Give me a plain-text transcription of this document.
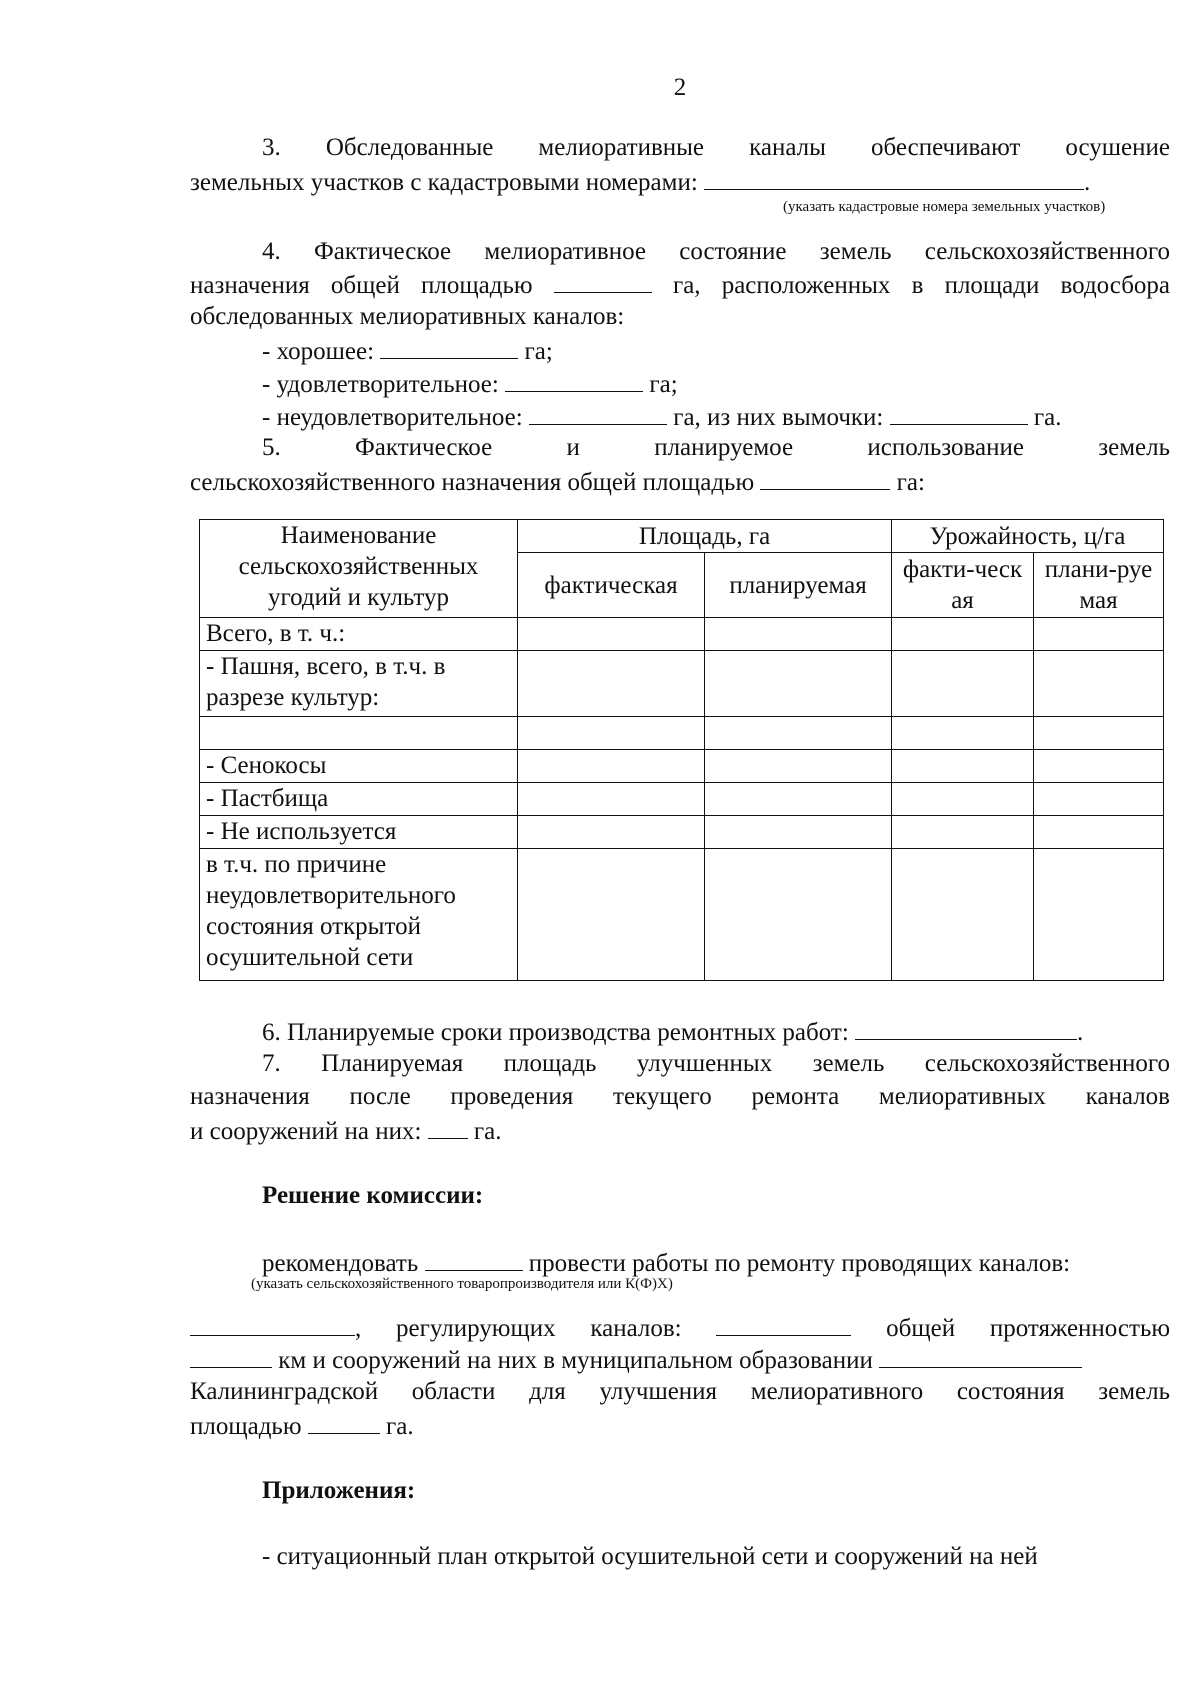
2
3. Обследованные мелиоративные каналы обеспечивают осушение
земельных участков с кадастровыми номерами:	.
(указать кадастровые номера земельных участков)
4. Фактическое мелиоративное состояние земель сельскохозяйственного
назначения общей площадью	га, расположенных в площади водосбора
обследованных мелиоративных каналов:
- хорошее:	га;
- удовлетворительное:	га;
- неудовлетворительное:	га, из них вымочки:	га.
5. Фактическое и планируемое использование земель
сельскохозяйственного назначения общей площадью	га:
Наименование сельскохозяйственных угодий и культур	Площадь, га		Урожайность, ц/га	
	фактическая	планируемая	факти-ческая	плани-руемая
Всего, в т. ч.:				
- Пашня, всего, в т.ч. в разрезе культур:				

- Сенокосы				
- Пастбища				
- Не используется				
в т.ч. по причине неудовлетворительного состояния открытой осушительной сети				
6. Планируемые сроки производства ремонтных работ:	.
7. Планируемая площадь улучшенных земель сельскохозяйственного
назначения после проведения текущего ремонта мелиоративных каналов
и сооружений на них: га.
Решение комиссии:
рекомендовать	провести работы по ремонту проводящих каналов:
(указать сельскохозяйственного товаропроизводителя или К(Ф)Х)
, регулирующих каналов:	общей протяженностью
км и сооружений на них в муниципальном образовании
Калининградской области для улучшения мелиоративного состояния земель
площадью	га.
Приложения:
- ситуационный план открытой осушительной сети и сооружений на ней
